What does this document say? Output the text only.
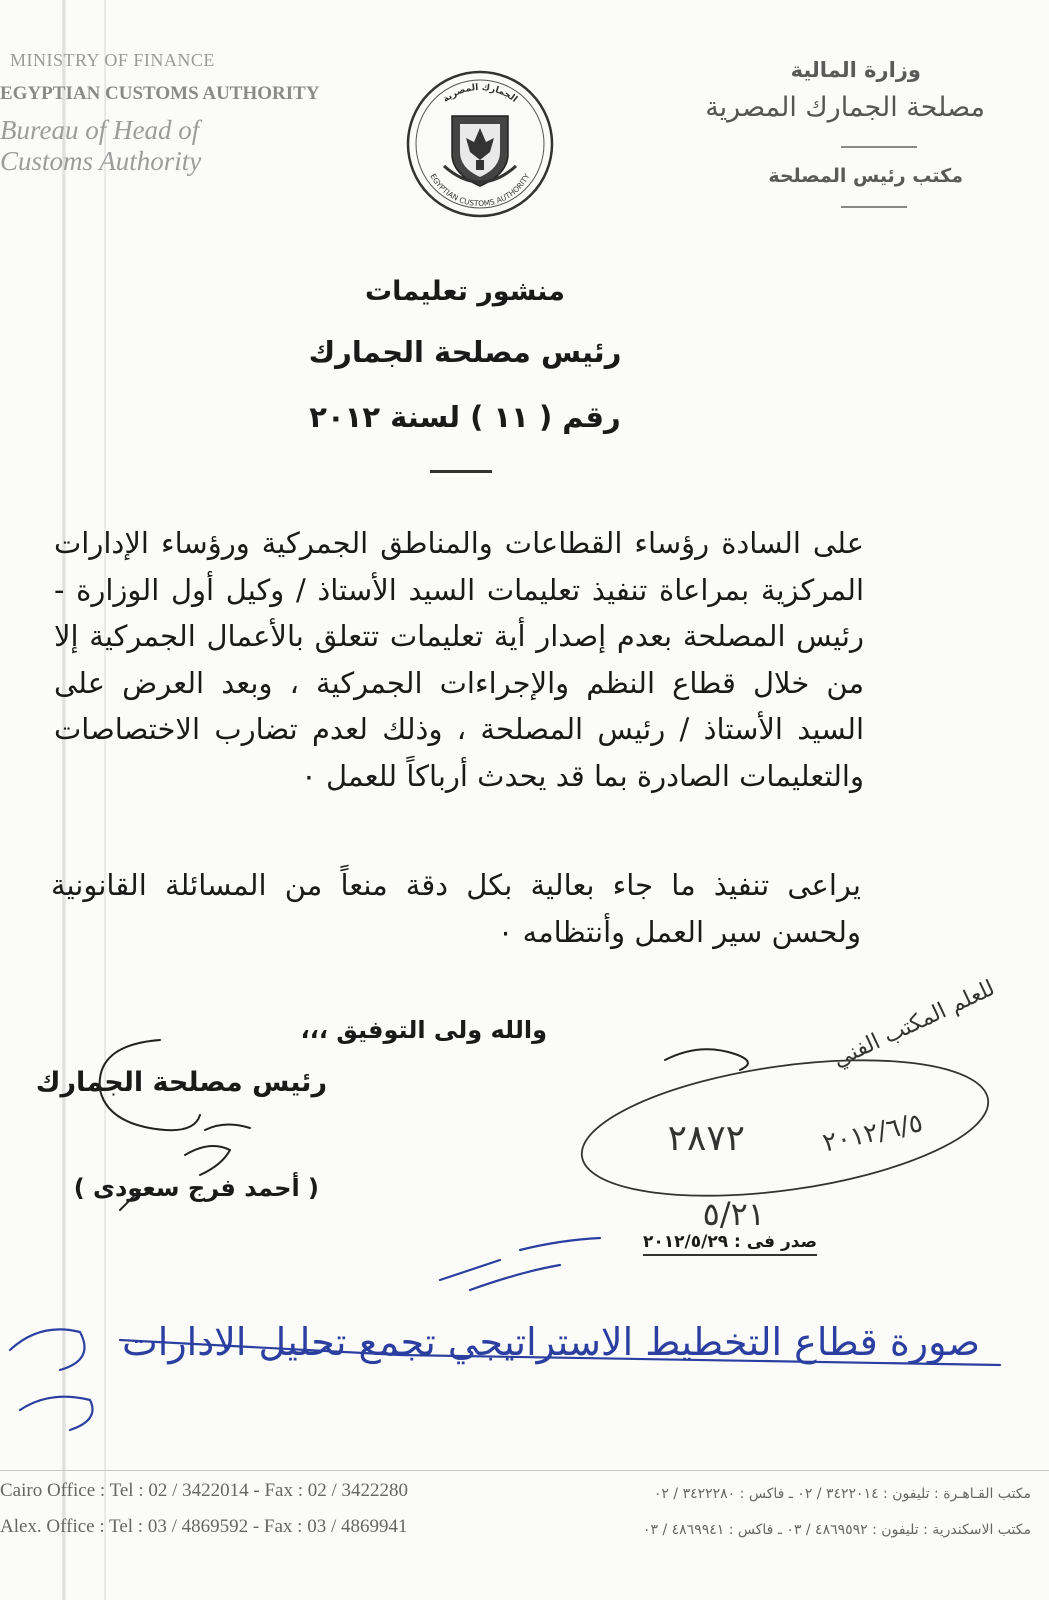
MINISTRY OF FINANCE
EGYPTIAN CUSTOMS AUTHORITY
Bureau of Head of
Customs Authority
وزارة المالية
مصلحة الجمارك المصرية
مكتب رئيس المصلحة
الجمارك المصرية
EGYPTIAN CUSTOMS AUTHORITY
منشور تعليمات
رئيس مصلحة الجمارك
رقم ( ١١ ) لسنة ٢٠١٢
على السادة رؤساء القطاعات والمناطق الجمركية ورؤساء الإدارات المركزية بمراعاة تنفيذ تعليمات السيد الأستاذ / وكيل أول الوزارة - رئيس المصلحة بعدم إصدار أية تعليمات تتعلق بالأعمال الجمركية إلا من خلال قطاع النظم والإجراءات الجمركية ، وبعد العرض على السيد الأستاذ / رئيس المصلحة ، وذلك لعدم تضارب الاختصاصات والتعليمات الصادرة بما قد يحدث أرباكاً للعمل ٠
يراعى تنفيذ ما جاء بعالية بكل دقة منعاً من المسائلة القانونية ولحسن سير العمل وأنتظامه ٠
والله ولى التوفيق ،،،
رئيس مصلحة الجمارك
( أحمد فرج سعودى )
صدر فى : ٢٠١٢/٥/٢٩
للعلم المكتب الفني
٢٨٧٢	٢٠١٢/٦/٥
٥/٢١
صورة قطاع التخطيط الاستراتيجي تجمع تحليل الادارات
Cairo Office : Tel : 02 / 3422014 - Fax : 02 / 3422280
Alex. Office : Tel : 03 / 4869592 - Fax : 03 / 4869941
مكتب القـاهـرة : تليفون : ٣٤٢٢٠١٤ / ٠٢ ـ فاكس : ٣٤٢٢٢٨٠ / ٠٢
مكتب الاسكندرية : تليفون : ٤٨٦٩٥٩٢ / ٠٣ ـ فاكس : ٤٨٦٩٩٤١ / ٠٣
